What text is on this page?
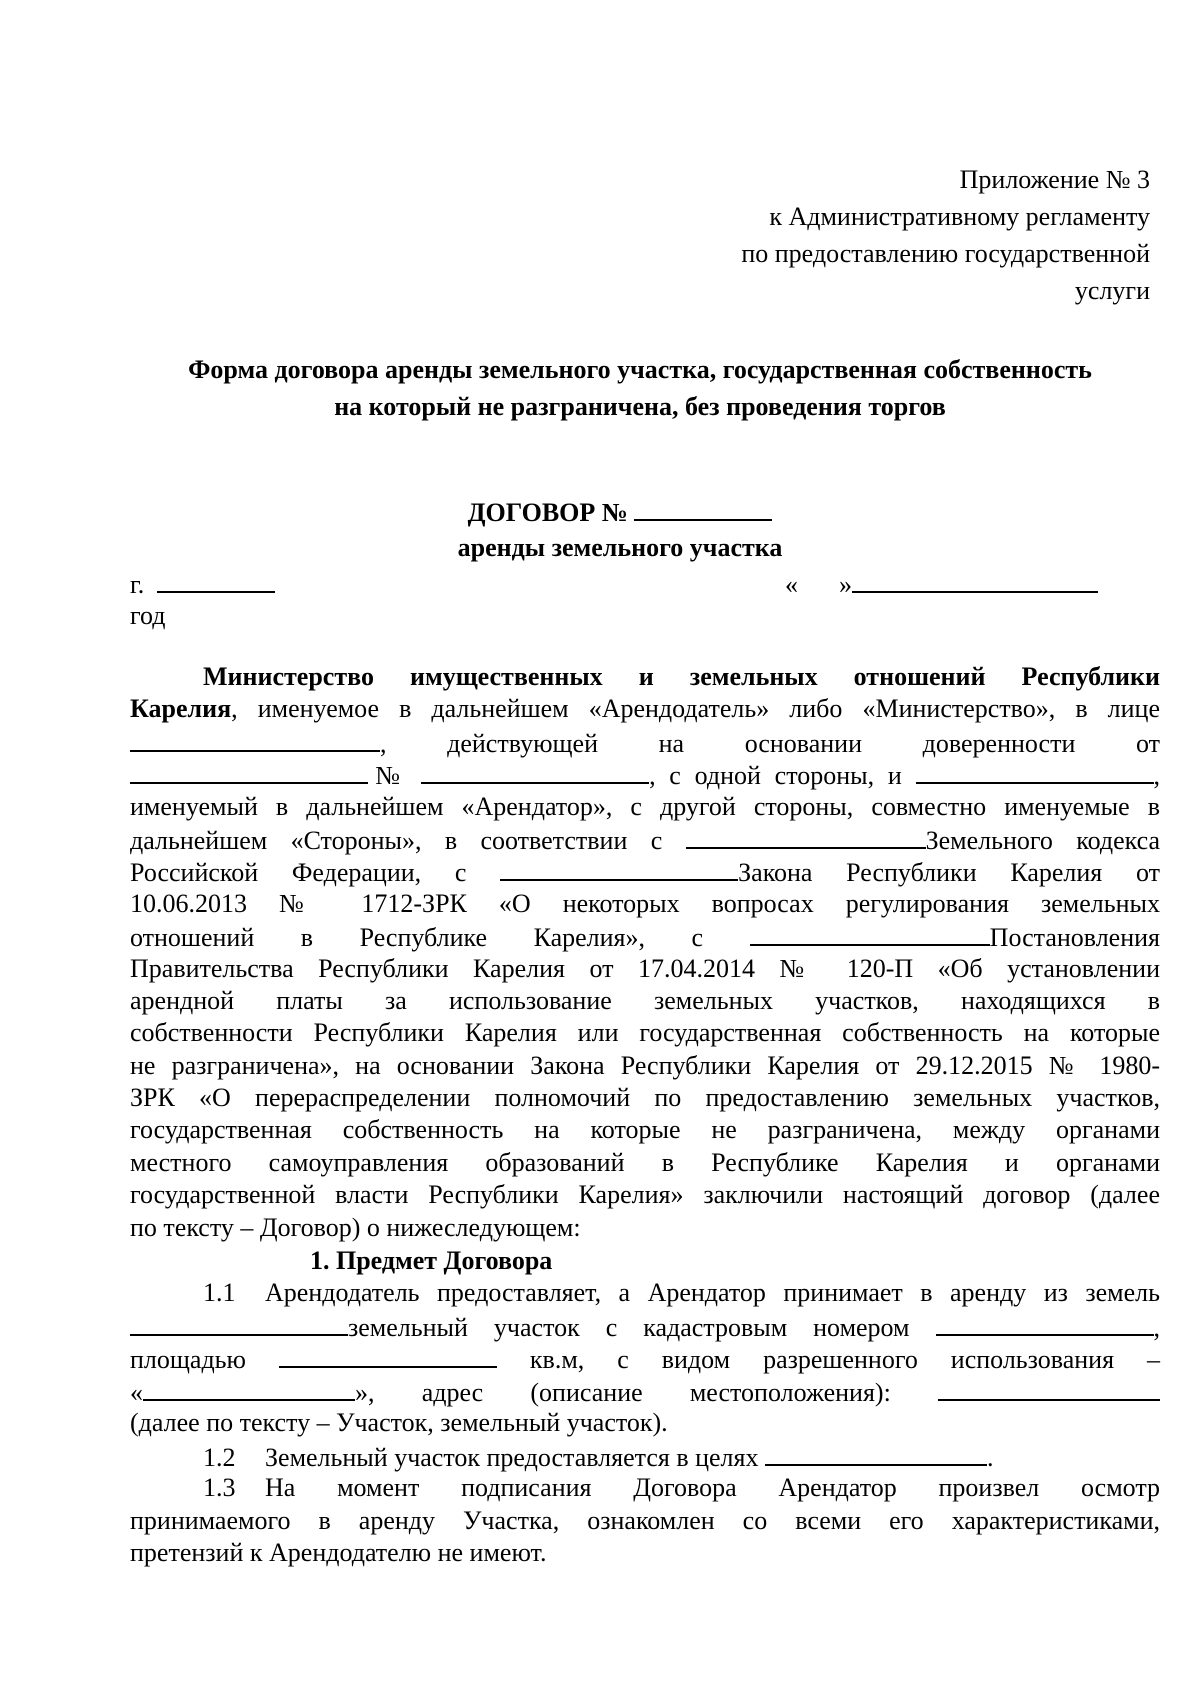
Приложение № 3
к Административному регламенту
по предоставлению государственной
услуги
Форма договора аренды земельного участка, государственная собственность
на который не разграничена, без проведения торгов
ДОГОВОР №
аренды земельного участка
г.	« »
год
Министерство имущественных и земельных отношений Республики
Карелия, именуемое в дальнейшем «Арендодатель» либо «Министерство», в лице
, действующей на основании доверенности от
№	, с одной стороны, и	,
именуемый в дальнейшем «Арендатор», с другой стороны, совместно именуемые в
дальнейшем «Стороны», в соответствии с	Земельного кодекса
Российской Федерации, с	Закона Республики Карелия от
10.06.2013 № 1712-ЗРК «О некоторых вопросах регулирования земельных
отношений в Республике Карелия», с	Постановления
Правительства Республики Карелия от 17.04.2014 № 120-П «Об установлении
арендной платы за использование земельных участков, находящихся в
собственности Республики Карелия или государственная собственность на которые
не разграничена», на основании Закона Республики Карелия от 29.12.2015 № 1980-
ЗРК «О перераспределении полномочий по предоставлению земельных участков,
государственная собственность на которые не разграничена, между органами
местного самоуправления образований в Республике Карелия и органами
государственной власти Республики Карелия» заключили настоящий договор (далее
по тексту – Договор) о нижеследующем:
1. Предмет Договора
1.1 Арендодатель предоставляет, а Арендатор принимает в аренду из земель
земельный участок с кадастровым номером	,
площадью	кв.м, с видом разрешенного использования –
«	», адрес (описание местоположения):
(далее по тексту – Участок, земельный участок).
1.2 Земельный участок предоставляется в целях	.
1.3 На момент подписания Договора Арендатор произвел осмотр
принимаемого в аренду Участка, ознакомлен со всеми его характеристиками,
претензий к Арендодателю не имеют.
